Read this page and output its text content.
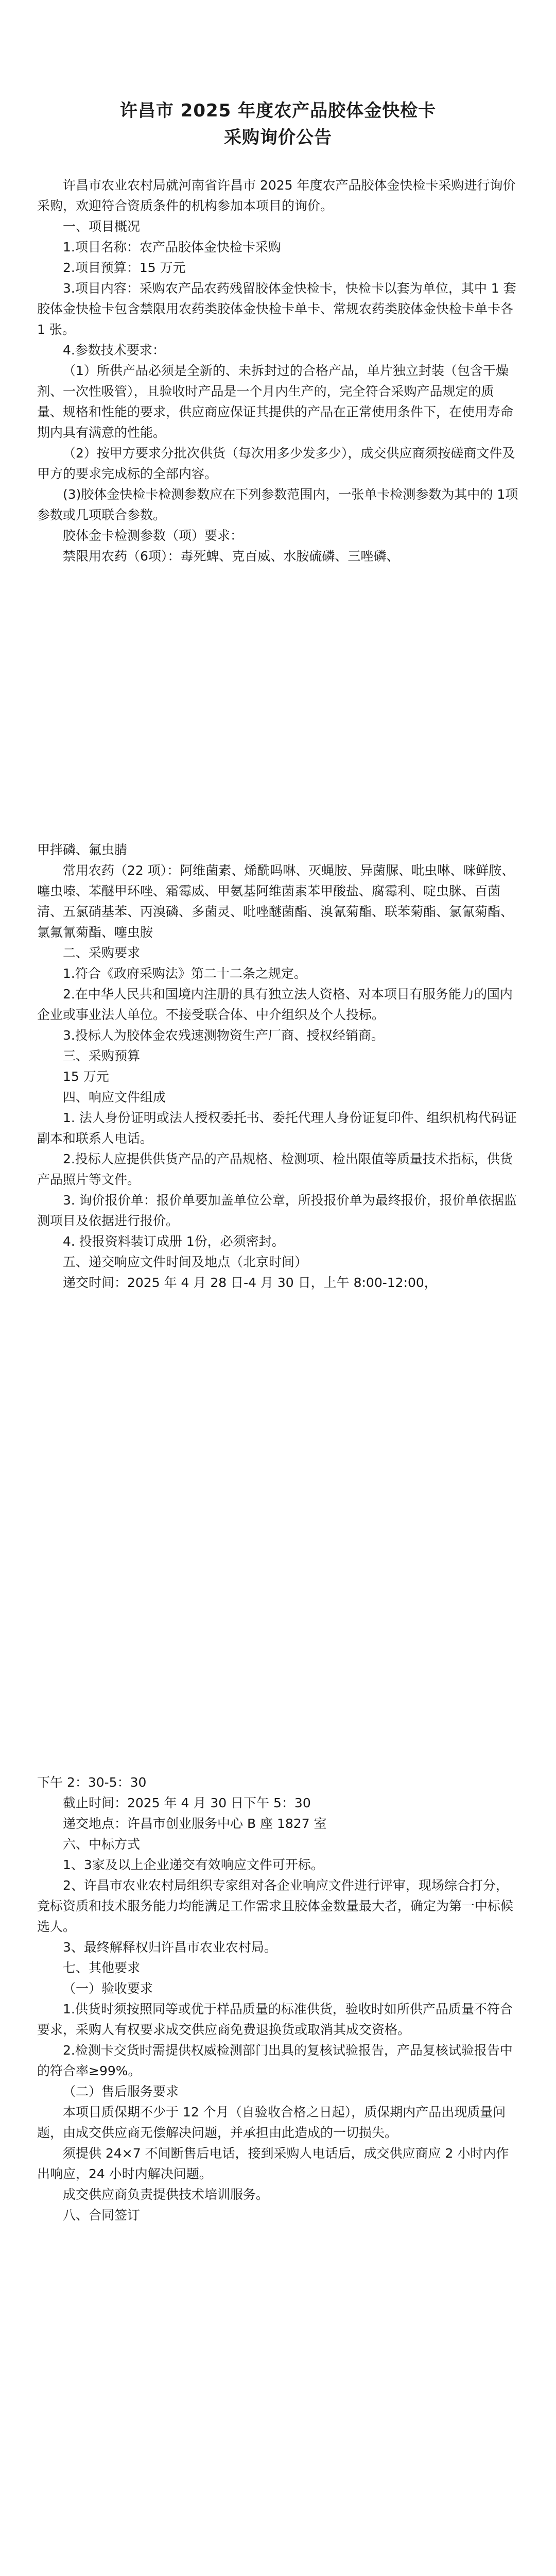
许昌市 2025 年度农产品胶体金快检卡
采购询价公告

许昌市农业农村局就河南省许昌市 2025 年度农产品胶体金快检卡采购进行询价采购，欢迎符合资质条件的机构参加本项目的询价。

一、项目概况

1.项目名称：农产品胶体金快检卡采购

2.项目预算：15 万元

3.项目内容：采购农产品农药残留胶体金快检卡，快检卡以套为单位，其中 1 套胶体金快检卡包含禁限用农药类胶体金快检卡单卡、常规农药类胶体金快检卡单卡各 1 张。

4.参数技术要求：

（1）所供产品必须是全新的、未拆封过的合格产品，单片独立封装（包含干燥剂、一次性吸管），且验收时产品是一个月内生产的，完全符合采购产品规定的质量、规格和性能的要求，供应商应保证其提供的产品在正常使用条件下，在使用寿命期内具有满意的性能。

（2）按甲方要求分批次供货（每次用多少发多少），成交供应商须按磋商文件及甲方的要求完成标的全部内容。

(3)胶体金快检卡检测参数应在下列参数范围内，一张单卡检测参数为其中的 1项参数或几项联合参数。

胶体金卡检测参数（项）要求：

禁限用农药（6项）：毒死蜱、克百威、水胺硫磷、三唑磷、

甲拌磷、氟虫腈

常用农药（22 项）：阿维菌素、烯酰吗啉、灭蝇胺、异菌脲、吡虫啉、咪鲜胺、噻虫嗪、苯醚甲环唑、霜霉威、甲氨基阿维菌素苯甲酸盐、腐霉利、啶虫脒、百菌清、五氯硝基苯、丙溴磷、多菌灵、吡唑醚菌酯、溴氰菊酯、联苯菊酯、氯氰菊酯、氯氟氰菊酯、噻虫胺

二、采购要求

1.符合《政府采购法》第二十二条之规定。

2.在中华人民共和国境内注册的具有独立法人资格、对本项目有服务能力的国内企业或事业法人单位。不接受联合体、中介组织及个人投标。

3.投标人为胶体金农残速测物资生产厂商、授权经销商。

三、采购预算

15 万元

四、响应文件组成

1. 法人身份证明或法人授权委托书、委托代理人身份证复印件、组织机构代码证副本和联系人电话。

2.投标人应提供供货产品的产品规格、检测项、检出限值等质量技术指标，供货产品照片等文件。

3. 询价报价单：报价单要加盖单位公章，所投报价单为最终报价，报价单依据监测项目及依据进行报价。

4. 投报资料装订成册 1份，必须密封。

五、递交响应文件时间及地点（北京时间）

递交时间：2025 年 4 月 28 日-4 月 30 日，上午 8:00-12:00，

下午 2：30-5：30

截止时间：2025 年 4 月 30 日下午 5：30

递交地点：许昌市创业服务中心 B 座 1827 室

六、中标方式

1、3家及以上企业递交有效响应文件可开标。

2、许昌市农业农村局组织专家组对各企业响应文件进行评审，现场综合打分，竞标资质和技术服务能力均能满足工作需求且胶体金数量最大者，确定为第一中标候选人。

3、最终解释权归许昌市农业农村局。

七、其他要求

（一）验收要求

1.供货时须按照同等或优于样品质量的标准供货，验收时如所供产品质量不符合要求，采购人有权要求成交供应商免费退换货或取消其成交资格。

2.检测卡交货时需提供权威检测部门出具的复核试验报告，产品复核试验报告中的符合率≥99%。

（二）售后服务要求

本项目质保期不少于 12 个月（自验收合格之日起），质保期内产品出现质量问题，由成交供应商无偿解决问题，并承担由此造成的一切损失。

须提供 24×7 不间断售后电话，接到采购人电话后，成交供应商应 2 小时内作出响应，24 小时内解决问题。

成交供应商负责提供技术培训服务。

八、合同签订
